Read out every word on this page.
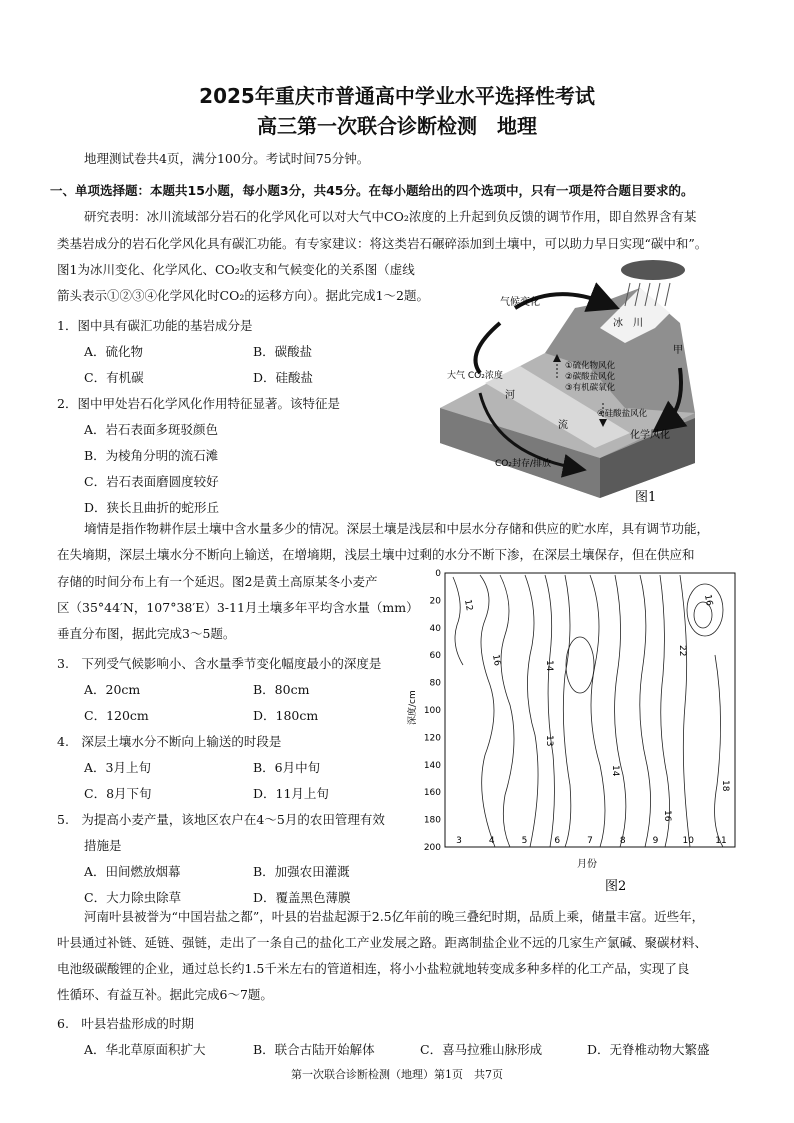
2025年重庆市普通高中学业水平选择性考试
高三第一次联合诊断检测　地理
地理测试卷共4页，满分100分。考试时间75分钟。
一、单项选择题：本题共15小题，每小题3分，共45分。在每小题给出的四个选项中，只有一项是符合题目要求的。
研究表明：冰川流域部分岩石的化学风化可以对大气中CO₂浓度的上升起到负反馈的调节作用，即自然界含有某
类基岩成分的岩石化学风化具有碳汇功能。有专家建议：将这类岩石碾碎添加到土壤中，可以助力早日实现“碳中和”。
图1为冰川变化、化学风化、CO₂收支和气候变化的关系图（虚线
箭头表示①②③④化学风化时CO₂的运移方向）。据此完成1～2题。
1．图中具有碳汇功能的基岩成分是
A．硫化物	B．碳酸盐
C．有机碳	D．硅酸盐
2．图中甲处岩石化学风化作用特征显著。该特征是
A．岩石表面多斑驳颜色
B．为棱角分明的流石滩
C．岩石表面磨圆度较好
D．狭长且曲折的蛇形丘
气候变化
冰　川
甲
大气 CO₂浓度
河
流
①硫化物风化
②碳酸盐风化
③有机碳氧化
④硅酸盐风化
化学风化
CO₂封存/排放
图1
墒情是指作物耕作层土壤中含水量多少的情况。深层土壤是浅层和中层水分存储和供应的贮水库，具有调节功能，
在失墒期，深层土壤水分不断向上输送，在增墒期，浅层土壤中过剩的水分不断下渗，在深层土壤保存，但在供应和
存储的时间分布上有一个延迟。图2是黄土高原某冬小麦产
区（35°44′N，107°38′E）3-11月土壤多年平均含水量（mm）
垂直分布图，据此完成3～5题。
3.　下列受气候影响小、含水量季节变化幅度最小的深度是
A．20cm	B．80cm
C．120cm	D．180cm
4.　深层土壤水分不断向上输送的时段是
A．3月上旬	B．6月中旬
C．8月下旬	D．11月上旬
5.　为提高小麦产量，该地区农户在4～5月的农田管理有效
措施是
A．田间燃放烟幕	B．加强农田灌溉
C．大力除虫除草	D．覆盖黑色薄膜
0
20
40
60
80
100
120
140
160
180
200
3	4	5	6	7	8	9	10 11
12
16	14
13
14
16
22
18
16
深度/cm
月份
图2
河南叶县被誉为“中国岩盐之都”，叶县的岩盐起源于2.5亿年前的晚三叠纪时期，品质上乘，储量丰富。近些年，
叶县通过补链、延链、强链，走出了一条自己的盐化工产业发展之路。距离制盐企业不远的几家生产氯碱、聚碳材料、
电池级碳酸锂的企业，通过总长约1.5千米左右的管道相连，将小小盐粒就地转变成多种多样的化工产品，实现了良
性循环、有益互补。据此完成6～7题。
6.　叶县岩盐形成的时期
A．华北草原面积扩大	B．联合古陆开始解体	C．喜马拉雅山脉形成	D．无脊椎动物大繁盛
第一次联合诊断检测（地理）第1页　共7页
